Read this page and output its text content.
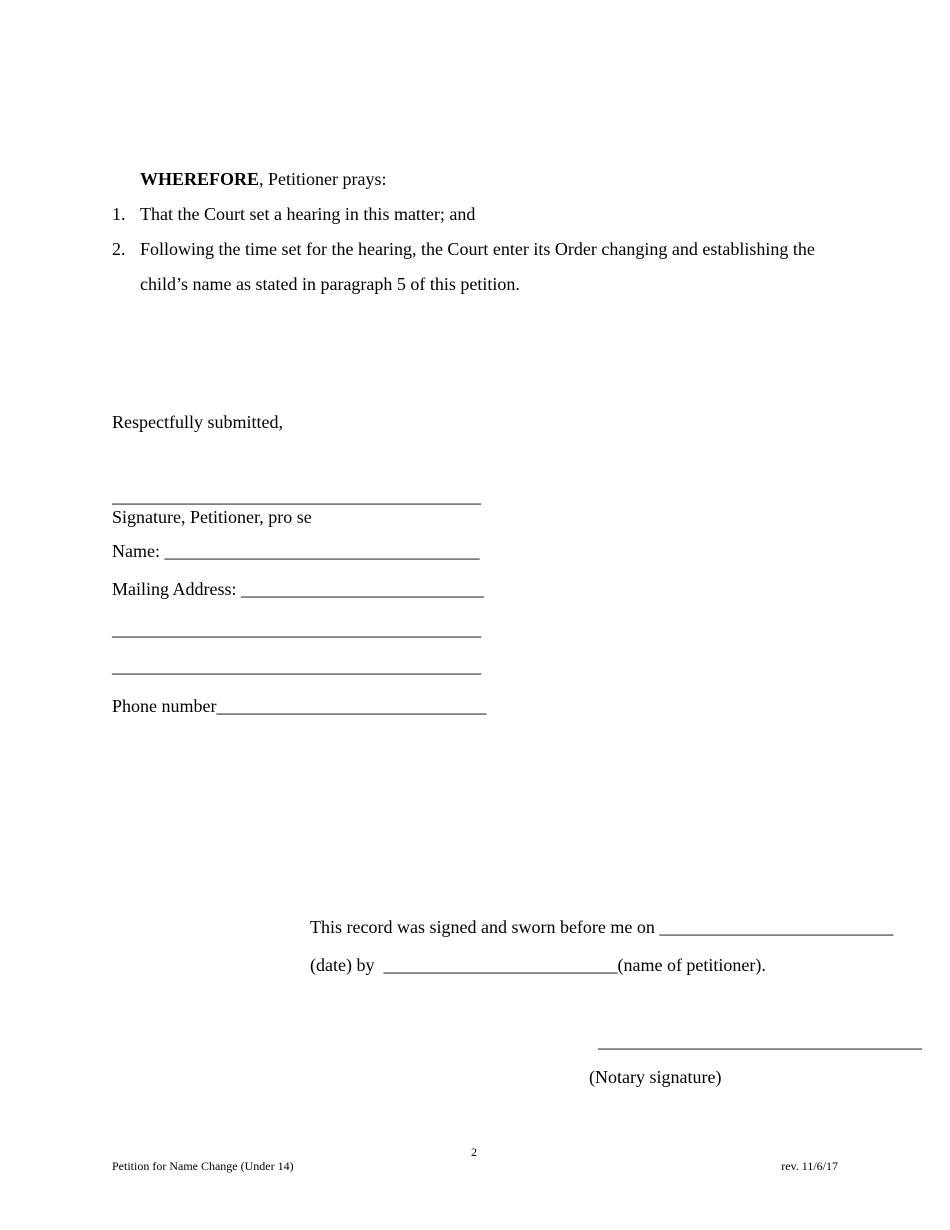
WHEREFORE, Petitioner prays:
1. That the Court set a hearing in this matter; and
2. Following the time set for the hearing, the Court enter its Order changing and establishing the
child’s name as stated in paragraph 5 of this petition.
Respectfully submitted,
_________________________________________
Signature, Petitioner, pro se
Name: ___________________________________
Mailing Address: ___________________________
_________________________________________
_________________________________________
Phone number______________________________
This record was signed and sworn before me on __________________________
(date) by  __________________________(name of petitioner).
____________________________________
(Notary signature)
2
Petition for Name Change (Under 14)	rev. 11/6/17
